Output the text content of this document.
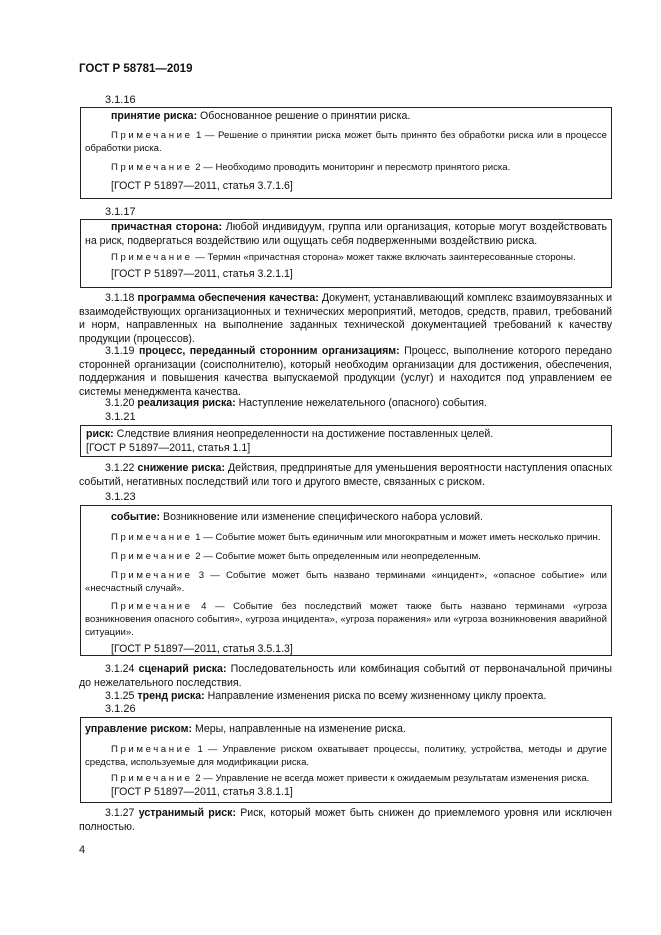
ГОСТ Р 58781—2019
3.1.16

принятие риска: Обоснованное решение о принятии риска.

Примечание 1 — Решение о принятии риска может быть принято без обработки риска или в процессе обработки риска.

Примечание 2 — Необходимо проводить мониторинг и пересмотр принятого риска.

[ГОСТ Р 51897—2011, статья 3.7.1.6]

3.1.17

причастная сторона: Любой индивидуум, группа или организация, которые могут воздействовать на риск, подвергаться воздействию или ощущать себя подверженными воздействию риска.

Примечание — Термин «причастная сторона» может также включать заинтересованные стороны.

[ГОСТ Р 51897—2011, статья 3.2.1.1]

3.1.18 программа обеспечения качества: Документ, устанавливающий комплекс взаимоувязанных и взаимодействующих организационных и технических мероприятий, методов, средств, правил, требований и норм, направленных на выполнение заданных технической документацией требований к качеству продукции (процессов).

3.1.19 процесс, переданный сторонним организациям: Процесс, выполнение которого передано сторонней организации (соисполнителю), который необходим организации для достижения, обеспечения, поддержания и повышения качества выпускаемой продукции (услуг) и находится под управлением ее системы менеджмента качества.

3.1.20 реализация риска: Наступление нежелательного (опасного) события.

3.1.21

риск: Следствие влияния неопределенности на достижение поставленных целей.

[ГОСТ Р 51897—2011, статья 1.1]

3.1.22 снижение риска: Действия, предпринятые для уменьшения вероятности наступления опасных событий, негативных последствий или того и другого вместе, связанных с риском.

3.1.23

событие: Возникновение или изменение специфического набора условий.

Примечание 1 — Событие может быть единичным или многократным и может иметь несколько причин.

Примечание 2 — Событие может быть определенным или неопределенным.

Примечание 3 — Событие может быть названо терминами «инцидент», «опасное событие» или «несчастный случай».

Примечание 4 — Событие без последствий может также быть названо терминами «угроза возникновения опасного события», «угроза инцидента», «угроза поражения» или «угроза возникновения аварийной ситуации».

[ГОСТ Р 51897—2011, статья 3.5.1.3]

3.1.24 сценарий риска: Последовательность или комбинация событий от первоначальной причины до нежелательного последствия.

3.1.25 тренд риска: Направление изменения риска по всему жизненному циклу проекта.

3.1.26

управление риском: Меры, направленные на изменение риска.

Примечание 1 — Управление риском охватывает процессы, политику, устройства, методы и другие средства, используемые для модификации риска.

Примечание 2 — Управление не всегда может привести к ожидаемым результатам изменения риска.

[ГОСТ Р 51897—2011, статья 3.8.1.1]

3.1.27 устранимый риск: Риск, который может быть снижен до приемлемого уровня или исключен полностью.

4
